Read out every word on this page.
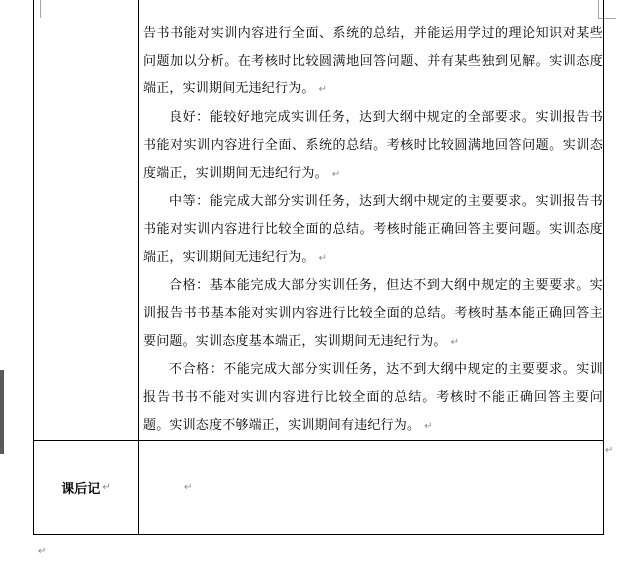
告书书能对实训内容进行全面、系统的总结，并能运用学过的理论知识对某些问题加以分析。在考核时比较圆满地回答问题、并有某些独到见解。实训态度端正，实训期间无违纪行为。 ↵

良好：能较好地完成实训任务，达到大纲中规定的全部要求。实训报告书书能对实训内容进行全面、系统的总结。考核时比较圆满地回答问题。实训态度端正，实训期间无违纪行为。 ↵

中等：能完成大部分实训任务，达到大纲中规定的主要要求。实训报告书书能对实训内容进行比较全面的总结。考核时能正确回答主要问题。实训态度端正，实训期间无违纪行为。 ↵

合格：基本能完成大部分实训任务，但达不到大纲中规定的主要要求。实训报告书书基本能对实训内容进行比较全面的总结。考核时基本能正确回答主要问题。实训态度基本端正，实训期间无违纪行为。 ↵

不合格：不能完成大部分实训任务，达不到大纲中规定的主要要求。实训报告书书不能对实训内容进行比较全面的总结。考核时不能正确回答主要问题。实训态度不够端正，实训期间有违纪行为。 ↵

课后记 ↵	↵
↵
↵
